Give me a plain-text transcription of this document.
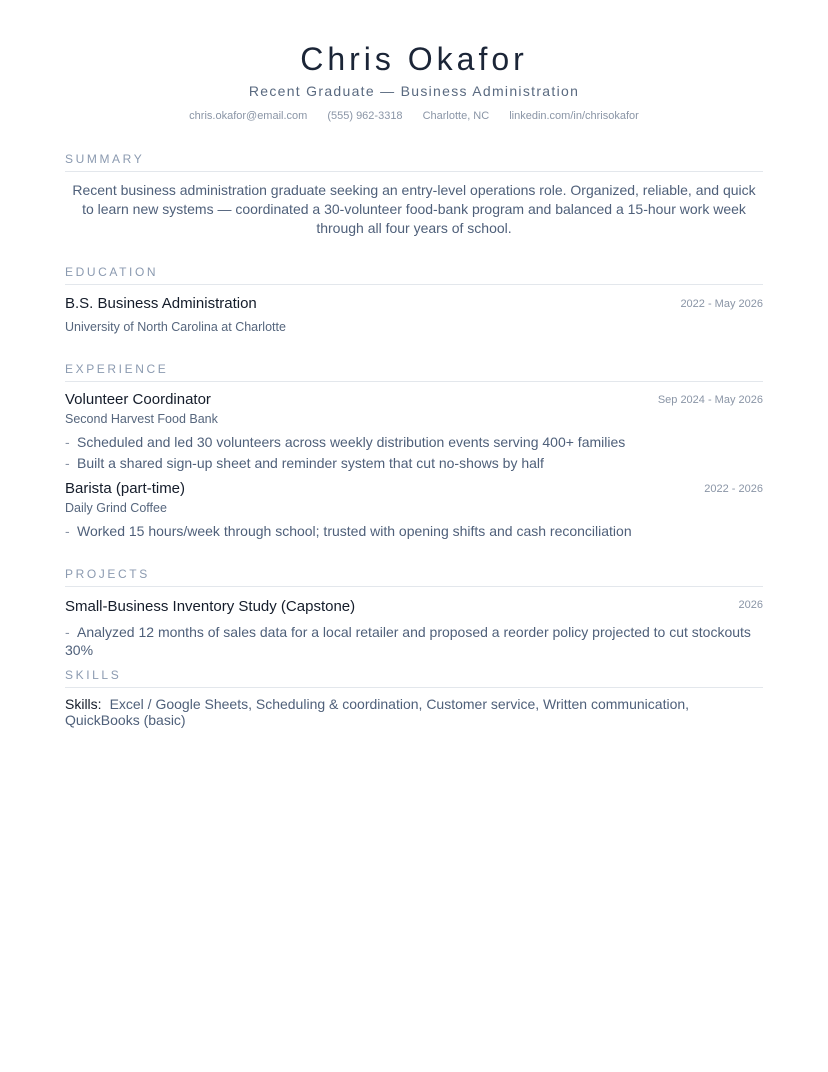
Chris Okafor
Recent Graduate — Business Administration
chris.okafor@email.com (555) 962-3318 Charlotte, NC linkedin.com/in/chrisokafor
SUMMARY
Recent business administration graduate seeking an entry-level operations role. Organized, reliable, and quick to learn new systems — coordinated a 30-volunteer food-bank program and balanced a 15-hour work week through all four years of school.
EDUCATION
B.S. Business Administration	2022 - May 2026
University of North Carolina at Charlotte
EXPERIENCE
Volunteer Coordinator	Sep 2024 - May 2026
Second Harvest Food Bank
- Scheduled and led 30 volunteers across weekly distribution events serving 400+ families
- Built a shared sign-up sheet and reminder system that cut no-shows by half
Barista (part-time)	2022 - 2026
Daily Grind Coffee
- Worked 15 hours/week through school; trusted with opening shifts and cash reconciliation
PROJECTS
Small-Business Inventory Study (Capstone)	2026
- Analyzed 12 months of sales data for a local retailer and proposed a reorder policy projected to cut stockouts 30%
SKILLS
Skills: Excel / Google Sheets, Scheduling & coordination, Customer service, Written communication, QuickBooks (basic)
